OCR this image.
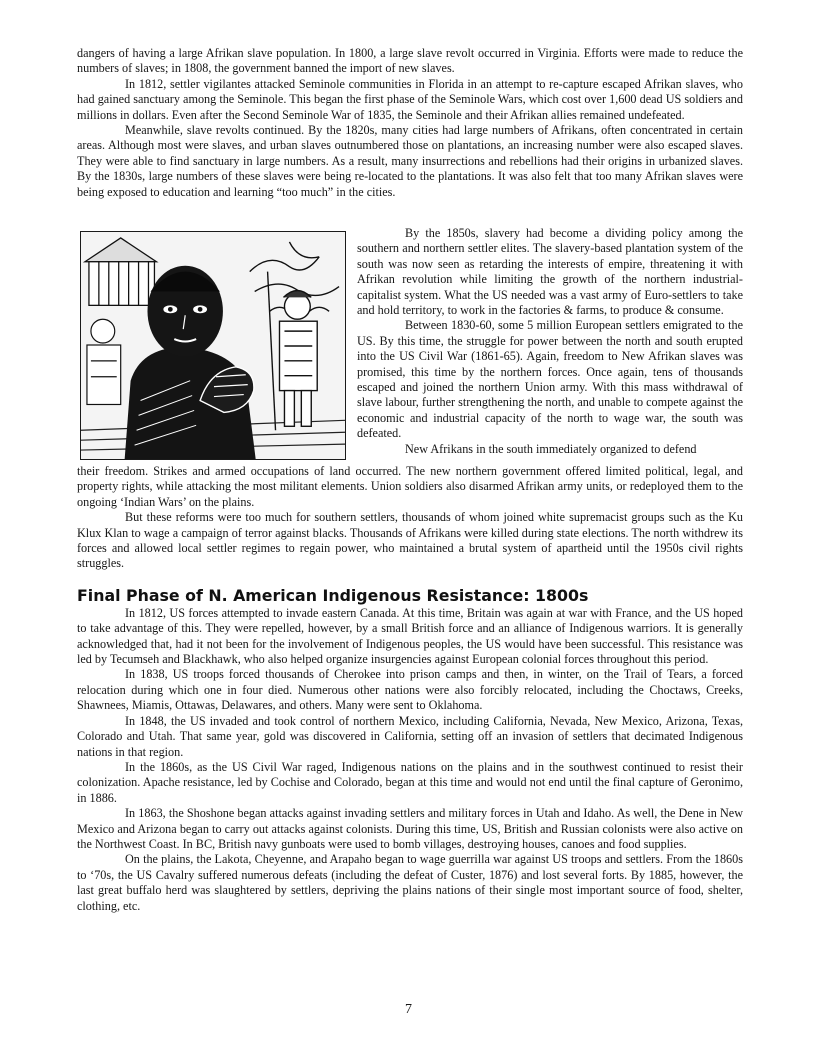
dangers of having a large Afrikan slave population. In 1800, a large slave revolt occurred in Virginia. Efforts were made to reduce the numbers of slaves; in 1808, the government banned the import of new slaves.

In 1812, settler vigilantes attacked Seminole communities in Florida in an attempt to re-capture escaped Afrikan slaves, who had gained sanctuary among the Seminole. This began the first phase of the Seminole Wars, which cost over 1,600 dead US soldiers and millions in dollars. Even after the Second Seminole War of 1835, the Seminole and their Afrikan allies remained undefeated.

Meanwhile, slave revolts continued. By the 1820s, many cities had large numbers of Afrikans, often concentrated in certain areas. Although most were slaves, and urban slaves outnumbered those on plantations, an increasing number were also escaped slaves. They were able to find sanctuary in large numbers. As a result, many insurrections and rebellions had their origins in urbanized slaves. By the 1830s, large numbers of these slaves were being re-located to the plantations. It was also felt that too many Afrikan slaves were being exposed to education and learning “too much” in the cities.

By the 1850s, slavery had become a dividing policy among the southern and northern settler elites. The slavery-based plantation system of the south was now seen as retarding the interests of empire, threatening it with Afrikan revolution while limiting the growth of the northern industrial-capitalist system. What the US needed was a vast army of Euro-settlers to take and hold territory, to work in the factories & farms, to produce & consume.

Between 1830-60, some 5 million European settlers emigrated to the US. By this time, the struggle for power between the north and south erupted into the US Civil War (1861-65). Again, freedom to New Afrikan slaves was promised, this time by the northern forces. Once again, tens of thousands escaped and joined the northern Union army. With this mass withdrawal of slave labour, further strengthening the north, and unable to compete against the economic and industrial capacity of the north to wage war, the south was defeated.

New Afrikans in the south immediately organized to defend

their freedom. Strikes and armed occupations of land occurred. The new northern government offered limited political, legal, and property rights, while attacking the most militant elements. Union soldiers also disarmed Afrikan army units, or redeployed them to the ongoing ‘Indian Wars’ on the plains.

But these reforms were too much for southern settlers, thousands of whom joined white supremacist groups such as the Ku Klux Klan to wage a campaign of terror against blacks. Thousands of Afrikans were killed during state elections. The north withdrew its forces and allowed local settler regimes to regain power, who maintained a brutal system of apartheid until the 1950s civil rights struggles.

Final Phase of N. American Indigenous Resistance: 1800s

In 1812, US forces attempted to invade eastern Canada. At this time, Britain was again at war with France, and the US hoped to take advantage of this. They were repelled, however, by a small British force and an alliance of Indigenous warriors. It is generally acknowledged that, had it not been for the involvement of Indigenous peoples, the US would have been successful. This resistance was led by Tecumseh and Blackhawk, who also helped organize insurgencies against European colonial forces throughout this period.

In 1838, US troops forced thousands of Cherokee into prison camps and then, in winter, on the Trail of Tears, a forced relocation during which one in four died. Numerous other nations were also forcibly relocated, including the Choctaws, Creeks, Shawnees, Miamis, Ottawas, Delawares, and others. Many were sent to Oklahoma.

In 1848, the US invaded and took control of northern Mexico, including California, Nevada, New Mexico, Arizona, Texas, Colorado and Utah. That same year, gold was discovered in California, setting off an invasion of settlers that decimated Indigenous nations in that region.

In the 1860s, as the US Civil War raged, Indigenous nations on the plains and in the southwest continued to resist their colonization. Apache resistance, led by Cochise and Colorado, began at this time and would not end until the final capture of Geronimo, in 1886.

In 1863, the Shoshone began attacks against invading settlers and military forces in Utah and Idaho. As well, the Dene in New Mexico and Arizona began to carry out attacks against colonists. During this time, US, British and Russian colonists were also active on the Northwest Coast. In BC, British navy gunboats were used to bomb villages, destroying houses, canoes and food supplies.

On the plains, the Lakota, Cheyenne, and Arapaho began to wage guerrilla war against US troops and settlers. From the 1860s to ‘70s, the US Cavalry suffered numerous defeats (including the defeat of Custer, 1876) and lost several forts. By 1885, however, the last great buffalo herd was slaughtered by settlers, depriving the plains nations of their single most important source of food, shelter, clothing, etc.

7
